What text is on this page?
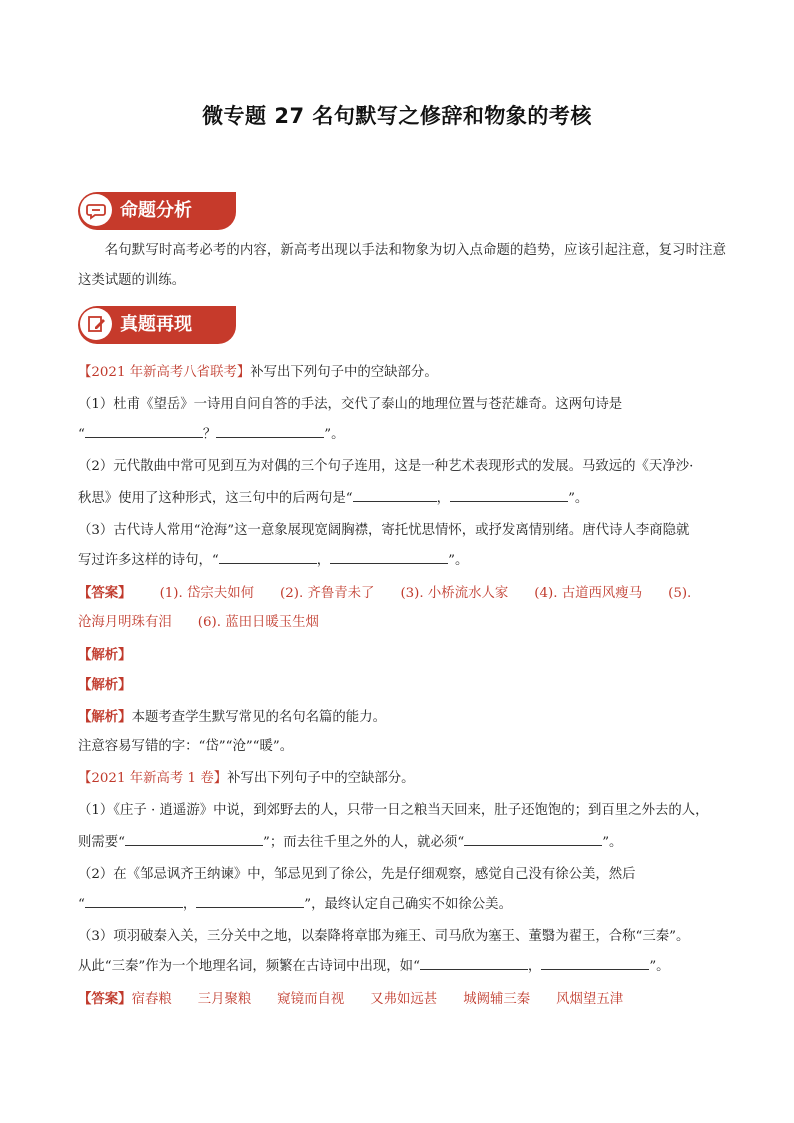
微专题 27 名句默写之修辞和物象的考核
命题分析
名句默写时高考必考的内容，新高考出现以手法和物象为切入点命题的趋势，应该引起注意，复习时注意这类试题的训练。
真题再现
【2021 年新高考八省联考】补写出下列句子中的空缺部分。
（1）杜甫《望岳》一诗用自问自答的手法，交代了泰山的地理位置与苍茫雄奇。这两句诗是
“	？	”。
（2）元代散曲中常可见到互为对偶的三个句子连用，这是一种艺术表现形式的发展。马致远的《天净沙·
秋思》使用了这种形式，这三句中的后两句是“	，	”。
（3）古代诗人常用“沧海”这一意象展现宽阔胸襟，寄托忧思情怀，或抒发离情别绪。唐代诗人李商隐就
写过许多这样的诗句，“	，	”。
【答案】 (1). 岱宗夫如何 (2). 齐鲁青未了 (3). 小桥流水人家 (4). 古道西风瘦马 (5).
沧海月明珠有泪 (6). 蓝田日暖玉生烟
【解析】
【解析】
【解析】本题考查学生默写常见的名句名篇的能力。
注意容易写错的字：“岱”“沧”“暖”。
【2021 年新高考 1 卷】补写出下列句子中的空缺部分。
（1）《庄子 · 逍遥游》中说，到郊野去的人，只带一日之粮当天回来，肚子还饱饱的；到百里之外去的人，
则需要“	”；而去往千里之外的人，就必须“	”。
（2）在《邹忌讽齐王纳谏》中，邹忌见到了徐公，先是仔细观察，感觉自己没有徐公美，然后
“	，	”，最终认定自己确实不如徐公美。
（3）项羽破秦入关，三分关中之地，以秦降将章邯为雍王、司马欣为塞王、董翳为翟王，合称“三秦”。
从此“三秦”作为一个地理名词，频繁在古诗词中出现，如“	，	”。
【答案】宿舂粮 三月聚粮 窥镜而自视 又弗如远甚 城阙辅三秦 风烟望五津
